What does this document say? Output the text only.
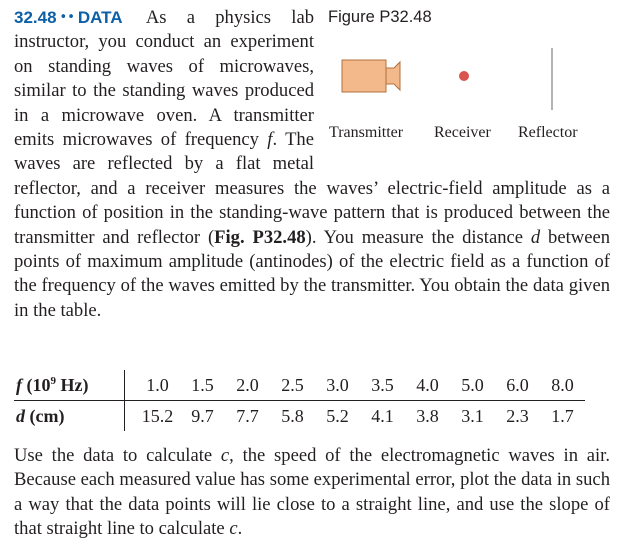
Figure P32.48
Transmitter Receiver Reflector

32.48 •• DATA As a physics lab instructor, you conduct an experiment on standing waves of microwaves, similar to the standing waves produced in a microwave oven. A transmitter emits microwaves of frequency f. The waves are reflected by a flat metal reflector, and a receiver measures the waves’ electric-field amplitude as a function of position in the standing-wave pattern that is produced between the transmitter and reflector (Fig. P32.48). You measure the distance d between points of maximum amplitude (antinodes) of the electric field as a function of the frequency of the waves emitted by the transmitter. You obtain the data given in the table.

f ($10^9$ Hz)		1.0	1.5	2.0	2.5	3.0	3.5	4.0	5.0	6.0	8.0
d (cm)		15.2	9.7	7.7	5.8	5.2	4.1	3.8	3.1	2.3	1.7

Use the data to calculate c, the speed of the electromagnetic waves in air. Because each measured value has some experimental error, plot the data in such a way that the data points will lie close to a straight line, and use the slope of that straight line to calculate c.
